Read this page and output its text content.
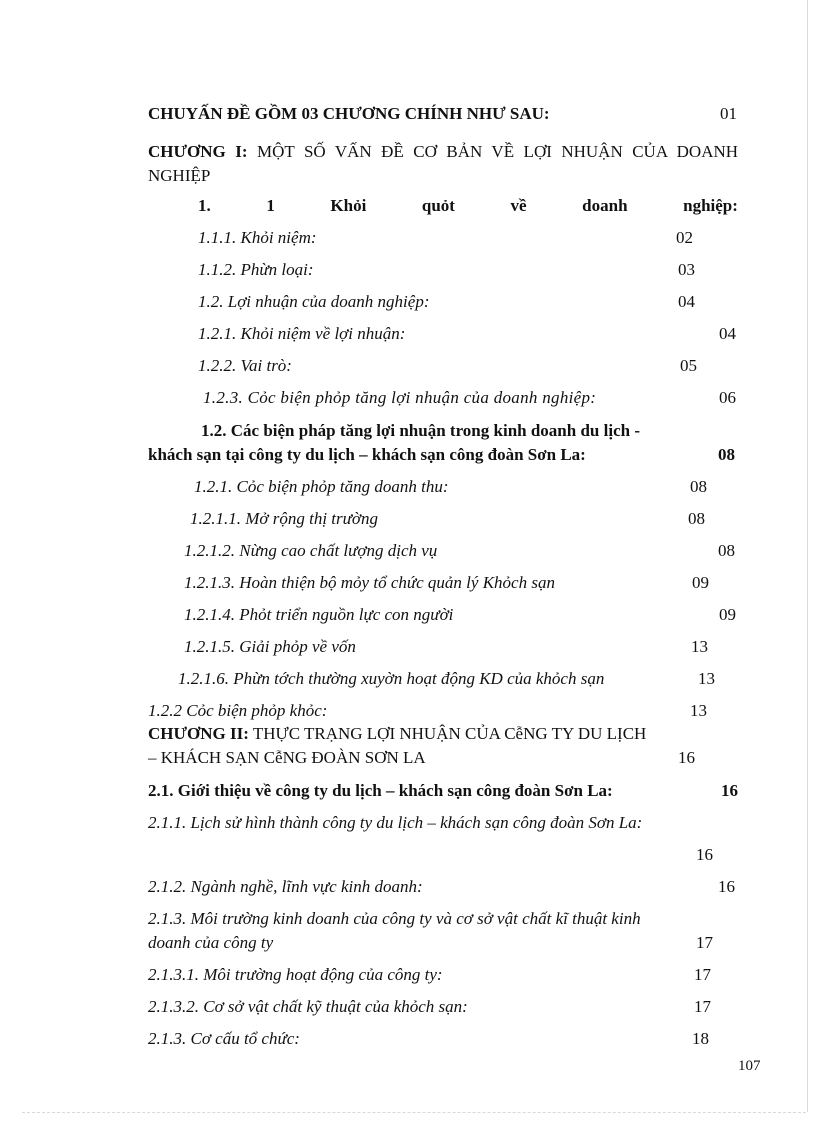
CHUYẤN ĐỀ GỒM 03 CHƯƠNG CHÍNH NHƯ SAU:	01
CHƯƠNG I: MỘT SỐ VẤN ĐỀ CƠ BẢN VỀ LỢI NHUẬN CỦA DOANH NGHIỆP
1.	1	Khỏi	quỏt	về	doanh	nghiệp:
1.1.1. Khỏi niệm:	02
1.1.2. Phừn loại:	03
1.2. Lợi nhuận của doanh nghiệp:	04
1.2.1. Khỏi niệm về lợi nhuận:	04
1.2.2. Vai trò:	05
1.2.3. Cỏc biện phỏp tăng lợi nhuận của doanh nghiệp:	06
1.2. Các biện pháp tăng lợi nhuận trong kinh doanh du lịch -
khách sạn tại công ty du lịch – khách sạn công đoàn Sơn La:	08
1.2.1. Cỏc biện phỏp tăng doanh thu:	08
1.2.1.1. Mở rộng thị trường	08
1.2.1.2. Nừng cao chất lượng dịch vụ	08
1.2.1.3. Hoàn thiện bộ mỏy tổ chức quản lý Khỏch sạn	09
1.2.1.4. Phỏt triển nguồn lực con người	09
1.2.1.5. Giải phỏp về vốn	13
1.2.1.6. Phừn tớch thường xuyờn hoạt động KD của khỏch sạn	13
1.2.2 Cỏc biện phỏp khỏc:	13
CHƯƠNG II: THỰC TRẠNG LỢI NHUẬN CỦA CễNG TY DU LỊCH
– KHÁCH SẠN CễNG ĐOÀN SƠN LA	16
2.1. Giới thiệu về công ty du lịch – khách sạn công đoàn Sơn La:	16
2.1.1. Lịch sử hình thành công ty du lịch – khách sạn công đoàn Sơn La:
16
2.1.2. Ngành nghề, lĩnh vực kinh doanh:	16
2.1.3. Môi trường kinh doanh của công ty và cơ sở vật chất kĩ thuật kinh
doanh của công ty	17
2.1.3.1. Môi trường hoạt động của công ty:	17
2.1.3.2. Cơ sở vật chất kỹ thuật của khỏch sạn:	17
2.1.3. Cơ cấu tổ chức:	18
107
